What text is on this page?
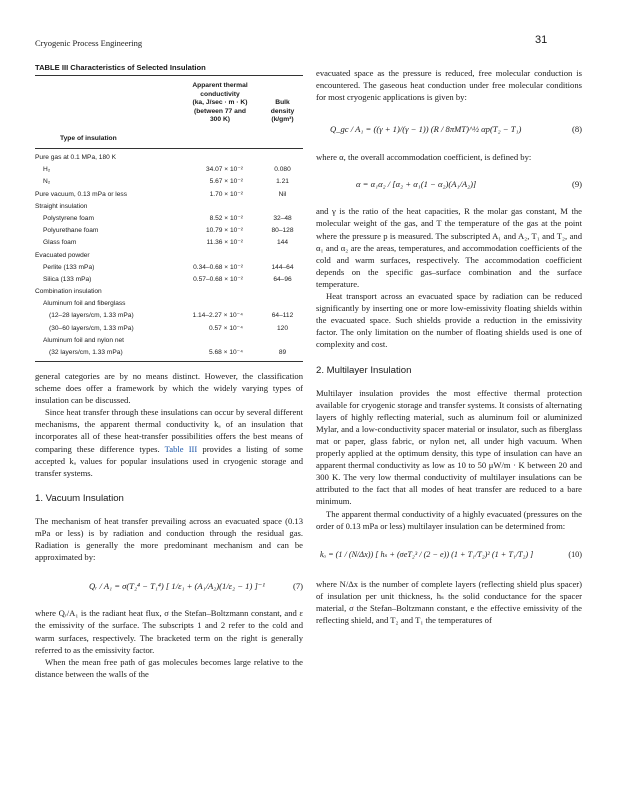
Cryogenic Process Engineering	31
TABLE III Characteristics of Selected Insulation
Type of insulation
Apparent thermal
conductivity
(ka, J/sec · m · K)
(between 77 and
300 K)
Bulk
density
(k/gm³)
Pure gas at 0.1 MPa, 180 K
H₂	34.07 × 10⁻²	0.080
N₂	5.67 × 10⁻²	1.21
Pure vacuum, 0.13 mPa or less	1.70 × 10⁻²	Nil
Straight insulation
Polystyrene foam	8.52 × 10⁻²	32–48
Polyurethane foam	10.79 × 10⁻²	80–128
Glass foam	11.36 × 10⁻²	144
Evacuated powder
Perlite (133 mPa)	0.34–0.68 × 10⁻²	144–64
Silica (133 mPa)	0.57–0.68 × 10⁻²	64–96
Combination insulation
Aluminum foil and fiberglass
(12–28 layers/cm, 1.33 mPa)	1.14–2.27 × 10⁻⁴	64–112
(30–60 layers/cm, 1.33 mPa)	0.57 × 10⁻⁴	120
Aluminum foil and nylon net
(32 layers/cm, 1.33 mPa)	5.68 × 10⁻⁴	89

general categories are by no means distinct. However, the classification scheme does offer a framework by which the widely varying types of insulation can be discussed.

Since heat transfer through these insulations can occur by several different mechanisms, the apparent thermal conductivity kₐ of an insulation that incorporates all of these heat-transfer possibilities offers the best means of comparing these difference types. Table III provides a listing of some accepted kₐ values for popular insulations used in cryogenic storage and transfer systems.

1. Vacuum Insulation

The mechanism of heat transfer prevailing across an evacuated space (0.13 mPa or less) is by radiation and conduction through the residual gas. Radiation is generally the more predominant mechanism and can be approximated by:

Qᵣ / A₁ = σ(T₂⁴ − T₁⁴) [ 1/ε₁ + (A₁/A₂)(1/ε₂ − 1) ]⁻¹	(7)

where Qᵣ/A₁ is the radiant heat flux, σ the Stefan–Boltzmann constant, and ε the emissivity of the surface. The subscripts 1 and 2 refer to the cold and warm surfaces, respectively. The bracketed term on the right is generally referred to as the emissivity factor.

When the mean free path of gas molecules becomes large relative to the distance between the walls of the

evacuated space as the pressure is reduced, free molecular conduction is encountered. The gaseous heat conduction under free molecular conditions for most cryogenic applications is given by:

Q_gc / A₁ = ((γ + 1)/(γ − 1)) (R / 8πMT)^½ αp(T₂ − T₁)	(8)

where α, the overall accommodation coefficient, is defined by:

α = α₁α₂ / [α₂ + α₁(1 − α₂)(A₁/A₂)]	(9)

and γ is the ratio of the heat capacities, R the molar gas constant, M the molecular weight of the gas, and T the temperature of the gas at the point where the pressure p is measured. The subscripted A₁ and A₂, T₁ and T₂, and α₁ and α₂ are the areas, temperatures, and accommodation coefficients of the cold and warm surfaces, respectively. The accommodation coefficient depends on the specific gas–surface combination and the surface temperature.

Heat transport across an evacuated space by radiation can be reduced significantly by inserting one or more low-emissivity floating shields within the evacuated space. Such shields provide a reduction in the emissivity factor. The only limitation on the number of floating shields used is one of complexity and cost.

2. Multilayer Insulation

Multilayer insulation provides the most effective thermal protection available for cryogenic storage and transfer systems. It consists of alternating layers of highly reflecting material, such as aluminum foil or aluminized Mylar, and a low-conductivity spacer material or insulator, such as fiberglass mat or paper, glass fabric, or nylon net, all under high vacuum. When properly applied at the optimum density, this type of insulation can have an apparent thermal conductivity as low as 10 to 50 μW/m · K between 20 and 300 K. The very low thermal conductivity of multilayer insulations can be attributed to the fact that all modes of heat transfer are reduced to a bare minimum.

The apparent thermal conductivity of a highly evacuated (pressures on the order of 0.13 mPa or less) multilayer insulation can be determined from:

kₐ = (1 / (N/Δx)) [ hₛ + (σeT₂³ / (2 − e)) (1 + T₁/T₂)² (1 + T₁/T₂) ]	(10)

where N/Δx is the number of complete layers (reflecting shield plus spacer) of insulation per unit thickness, hₛ the solid conductance for the spacer material, σ the Stefan–Boltzmann constant, e the effective emissivity of the reflecting shield, and T₂ and T₁ the temperatures of
